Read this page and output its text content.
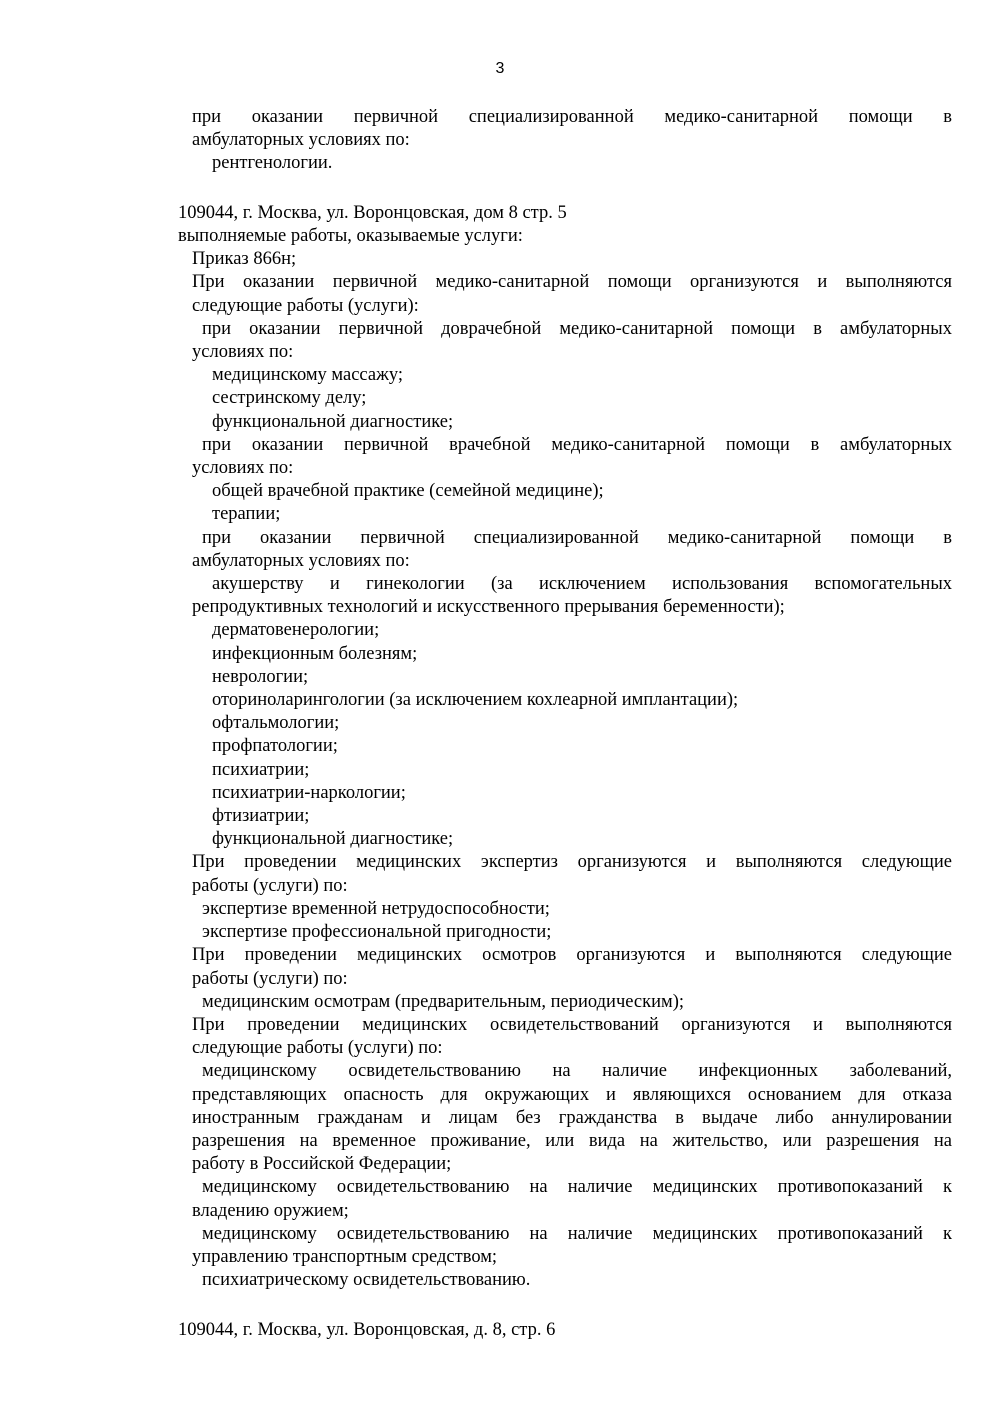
3

при оказании первичной специализированной медико-санитарной помощи в

амбулаторных условиях по:

рентгенологии.

109044, г. Москва, ул. Воронцовская, дом 8 стр. 5

выполняемые работы, оказываемые услуги:

Приказ 866н;

При оказании первичной медико-санитарной помощи организуются и выполняются

следующие работы (услуги):

при оказании первичной доврачебной медико-санитарной помощи в амбулаторных

условиях по:

медицинскому массажу;

сестринскому делу;

функциональной диагностике;

при оказании первичной врачебной медико-санитарной помощи в амбулаторных

условиях по:

общей врачебной практике (семейной медицине);

терапии;

при оказании первичной специализированной медико-санитарной помощи в

амбулаторных условиях по:

акушерству и гинекологии (за исключением использования вспомогательных

репродуктивных технологий и искусственного прерывания беременности);

дерматовенерологии;

инфекционным болезням;

неврологии;

оториноларингологии (за исключением кохлеарной имплантации);

офтальмологии;

профпатологии;

психиатрии;

психиатрии-наркологии;

фтизиатрии;

функциональной диагностике;

При проведении медицинских экспертиз организуются и выполняются следующие

работы (услуги) по:

экспертизе временной нетрудоспособности;

экспертизе профессиональной пригодности;

При проведении медицинских осмотров организуются и выполняются следующие

работы (услуги) по:

медицинским осмотрам (предварительным, периодическим);

При проведении медицинских освидетельствований организуются и выполняются

следующие работы (услуги) по:

медицинскому освидетельствованию на наличие инфекционных заболеваний,

представляющих опасность для окружающих и являющихся основанием для отказа

иностранным гражданам и лицам без гражданства в выдаче либо аннулировании

разрешения на временное проживание, или вида на жительство, или разрешения на

работу в Российской Федерации;

медицинскому освидетельствованию на наличие медицинских противопоказаний к

владению оружием;

медицинскому освидетельствованию на наличие медицинских противопоказаний к

управлению транспортным средством;

психиатрическому освидетельствованию.

109044, г. Москва, ул. Воронцовская, д. 8, стр. 6
